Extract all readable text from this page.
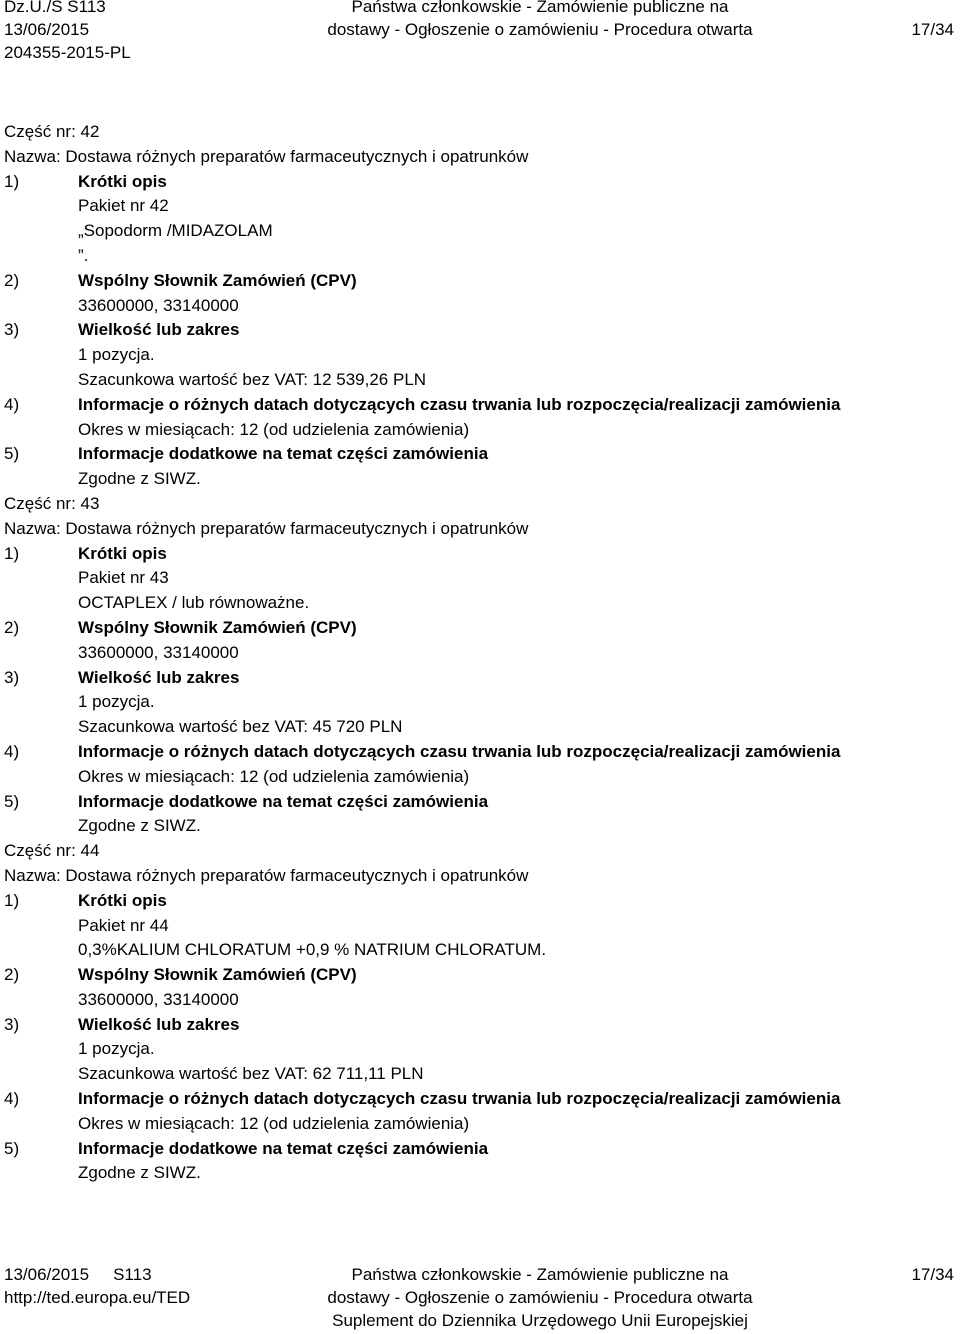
Dz.U./S S113
13/06/2015
204355-2015-PL
Państwa członkowskie - Zamówienie publiczne na
dostawy - Ogłoszenie o zamówieniu - Procedura otwarta
	17/34
Część nr: 42
Nazwa: Dostawa różnych preparatów farmaceutycznych i opatrunków
1)	Krótki opis
Pakiet nr 42
„Sopodorm /MIDAZOLAM
”.
2)	Wspólny Słownik Zamówień (CPV)
33600000, 33140000
3)	Wielkość lub zakres
1 pozycja.
Szacunkowa wartość bez VAT: 12 539,26 PLN
4)	Informacje o różnych datach dotyczących czasu trwania lub rozpoczęcia/realizacji zamówienia
Okres w miesiącach: 12 (od udzielenia zamówienia)
5)	Informacje dodatkowe na temat części zamówienia
Zgodne z SIWZ.
Część nr: 43
Nazwa: Dostawa różnych preparatów farmaceutycznych i opatrunków
1)	Krótki opis
Pakiet nr 43
OCTAPLEX / lub równoważne.
2)	Wspólny Słownik Zamówień (CPV)
33600000, 33140000
3)	Wielkość lub zakres
1 pozycja.
Szacunkowa wartość bez VAT: 45 720 PLN
4)	Informacje o różnych datach dotyczących czasu trwania lub rozpoczęcia/realizacji zamówienia
Okres w miesiącach: 12 (od udzielenia zamówienia)
5)	Informacje dodatkowe na temat części zamówienia
Zgodne z SIWZ.
Część nr: 44
Nazwa: Dostawa różnych preparatów farmaceutycznych i opatrunków
1)	Krótki opis
Pakiet nr 44
0,3%KALIUM CHLORATUM +0,9 % NATRIUM CHLORATUM.
2)	Wspólny Słownik Zamówień (CPV)
33600000, 33140000
3)	Wielkość lub zakres
1 pozycja.
Szacunkowa wartość bez VAT: 62 711,11 PLN
4)	Informacje o różnych datach dotyczących czasu trwania lub rozpoczęcia/realizacji zamówienia
Okres w miesiącach: 12 (od udzielenia zamówienia)
5)	Informacje dodatkowe na temat części zamówienia
Zgodne z SIWZ.
13/06/2015 S113
http://ted.europa.eu/TED
Państwa członkowskie - Zamówienie publiczne na
dostawy - Ogłoszenie o zamówieniu - Procedura otwarta
Suplement do Dziennika Urzędowego Unii Europejskiej
17/34
